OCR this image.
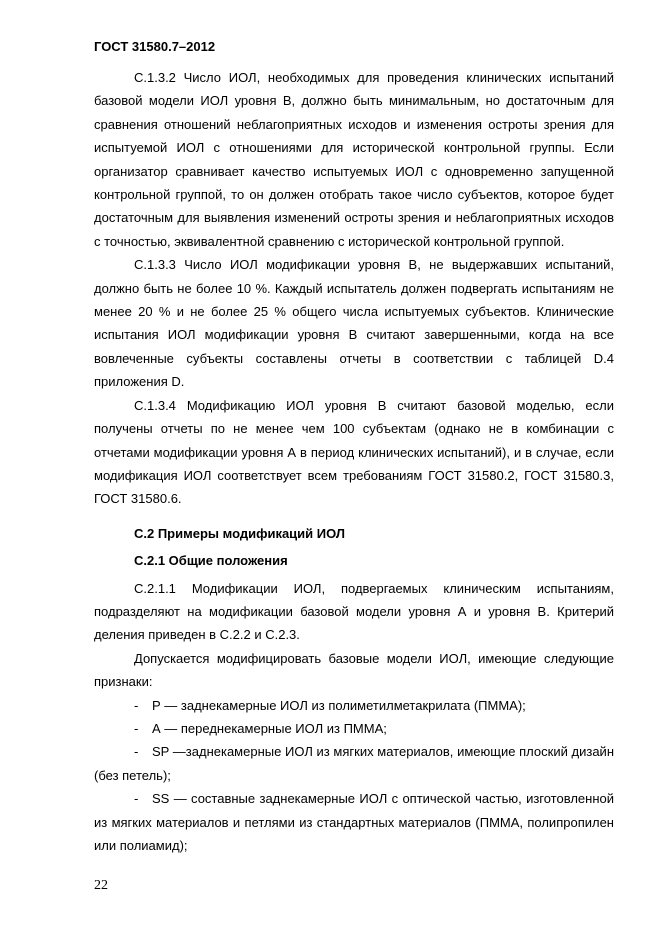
ГОСТ 31580.7–2012

С.1.3.2 Число ИОЛ, необходимых для проведения клинических испытаний базовой модели ИОЛ уровня В, должно быть минимальным, но достаточным для сравнения отношений неблагоприятных исходов и изменения остроты зрения для испытуемой ИОЛ с отношениями для исторической контрольной группы. Если организатор сравнивает качество испытуемых ИОЛ с одновременно запущенной контрольной группой, то он должен отобрать такое число субъектов, которое будет достаточным для выявления изменений остроты зрения и неблагоприятных исходов с точностью, эквивалентной сравнению с исторической контрольной группой.

С.1.3.3 Число ИОЛ модификации уровня В, не выдержавших испытаний, должно быть не более 10 %. Каждый испытатель должен подвергать испытаниям не менее 20 % и не более 25 % общего числа испытуемых субъектов. Клинические испытания ИОЛ модификации уровня В считают завершенными, когда на все вовлеченные субъекты составлены отчеты в соответствии с таблицей D.4 приложения D.

С.1.3.4 Модификацию ИОЛ уровня В считают базовой моделью, если получены отчеты по не менее чем 100 субъектам (однако не в комбинации с отчетами модификации уровня А в период клинических испытаний), и в случае, если модификация ИОЛ соответствует всем требованиям ГОСТ 31580.2, ГОСТ 31580.3, ГОСТ 31580.6.

С.2 Примеры модификаций ИОЛ

С.2.1 Общие положения

С.2.1.1 Модификации ИОЛ, подвергаемых клиническим испытаниям, подразделяют на модификации базовой модели уровня А и уровня В. Критерий деления приведен в С.2.2 и С.2.3.

Допускается модифицировать базовые модели ИОЛ, имеющие следующие признаки:

- Р — заднекамерные ИОЛ из полиметилметакрилата (ПММА);

- А — переднекамерные ИОЛ из ПММА;

- SP —заднекамерные ИОЛ из мягких материалов, имеющие плоский дизайн (без петель);

- SS — составные заднекамерные ИОЛ с оптической частью, изготовленной из мягких материалов и петлями из стандартных материалов (ПММА, полипропилен или полиамид);

22
